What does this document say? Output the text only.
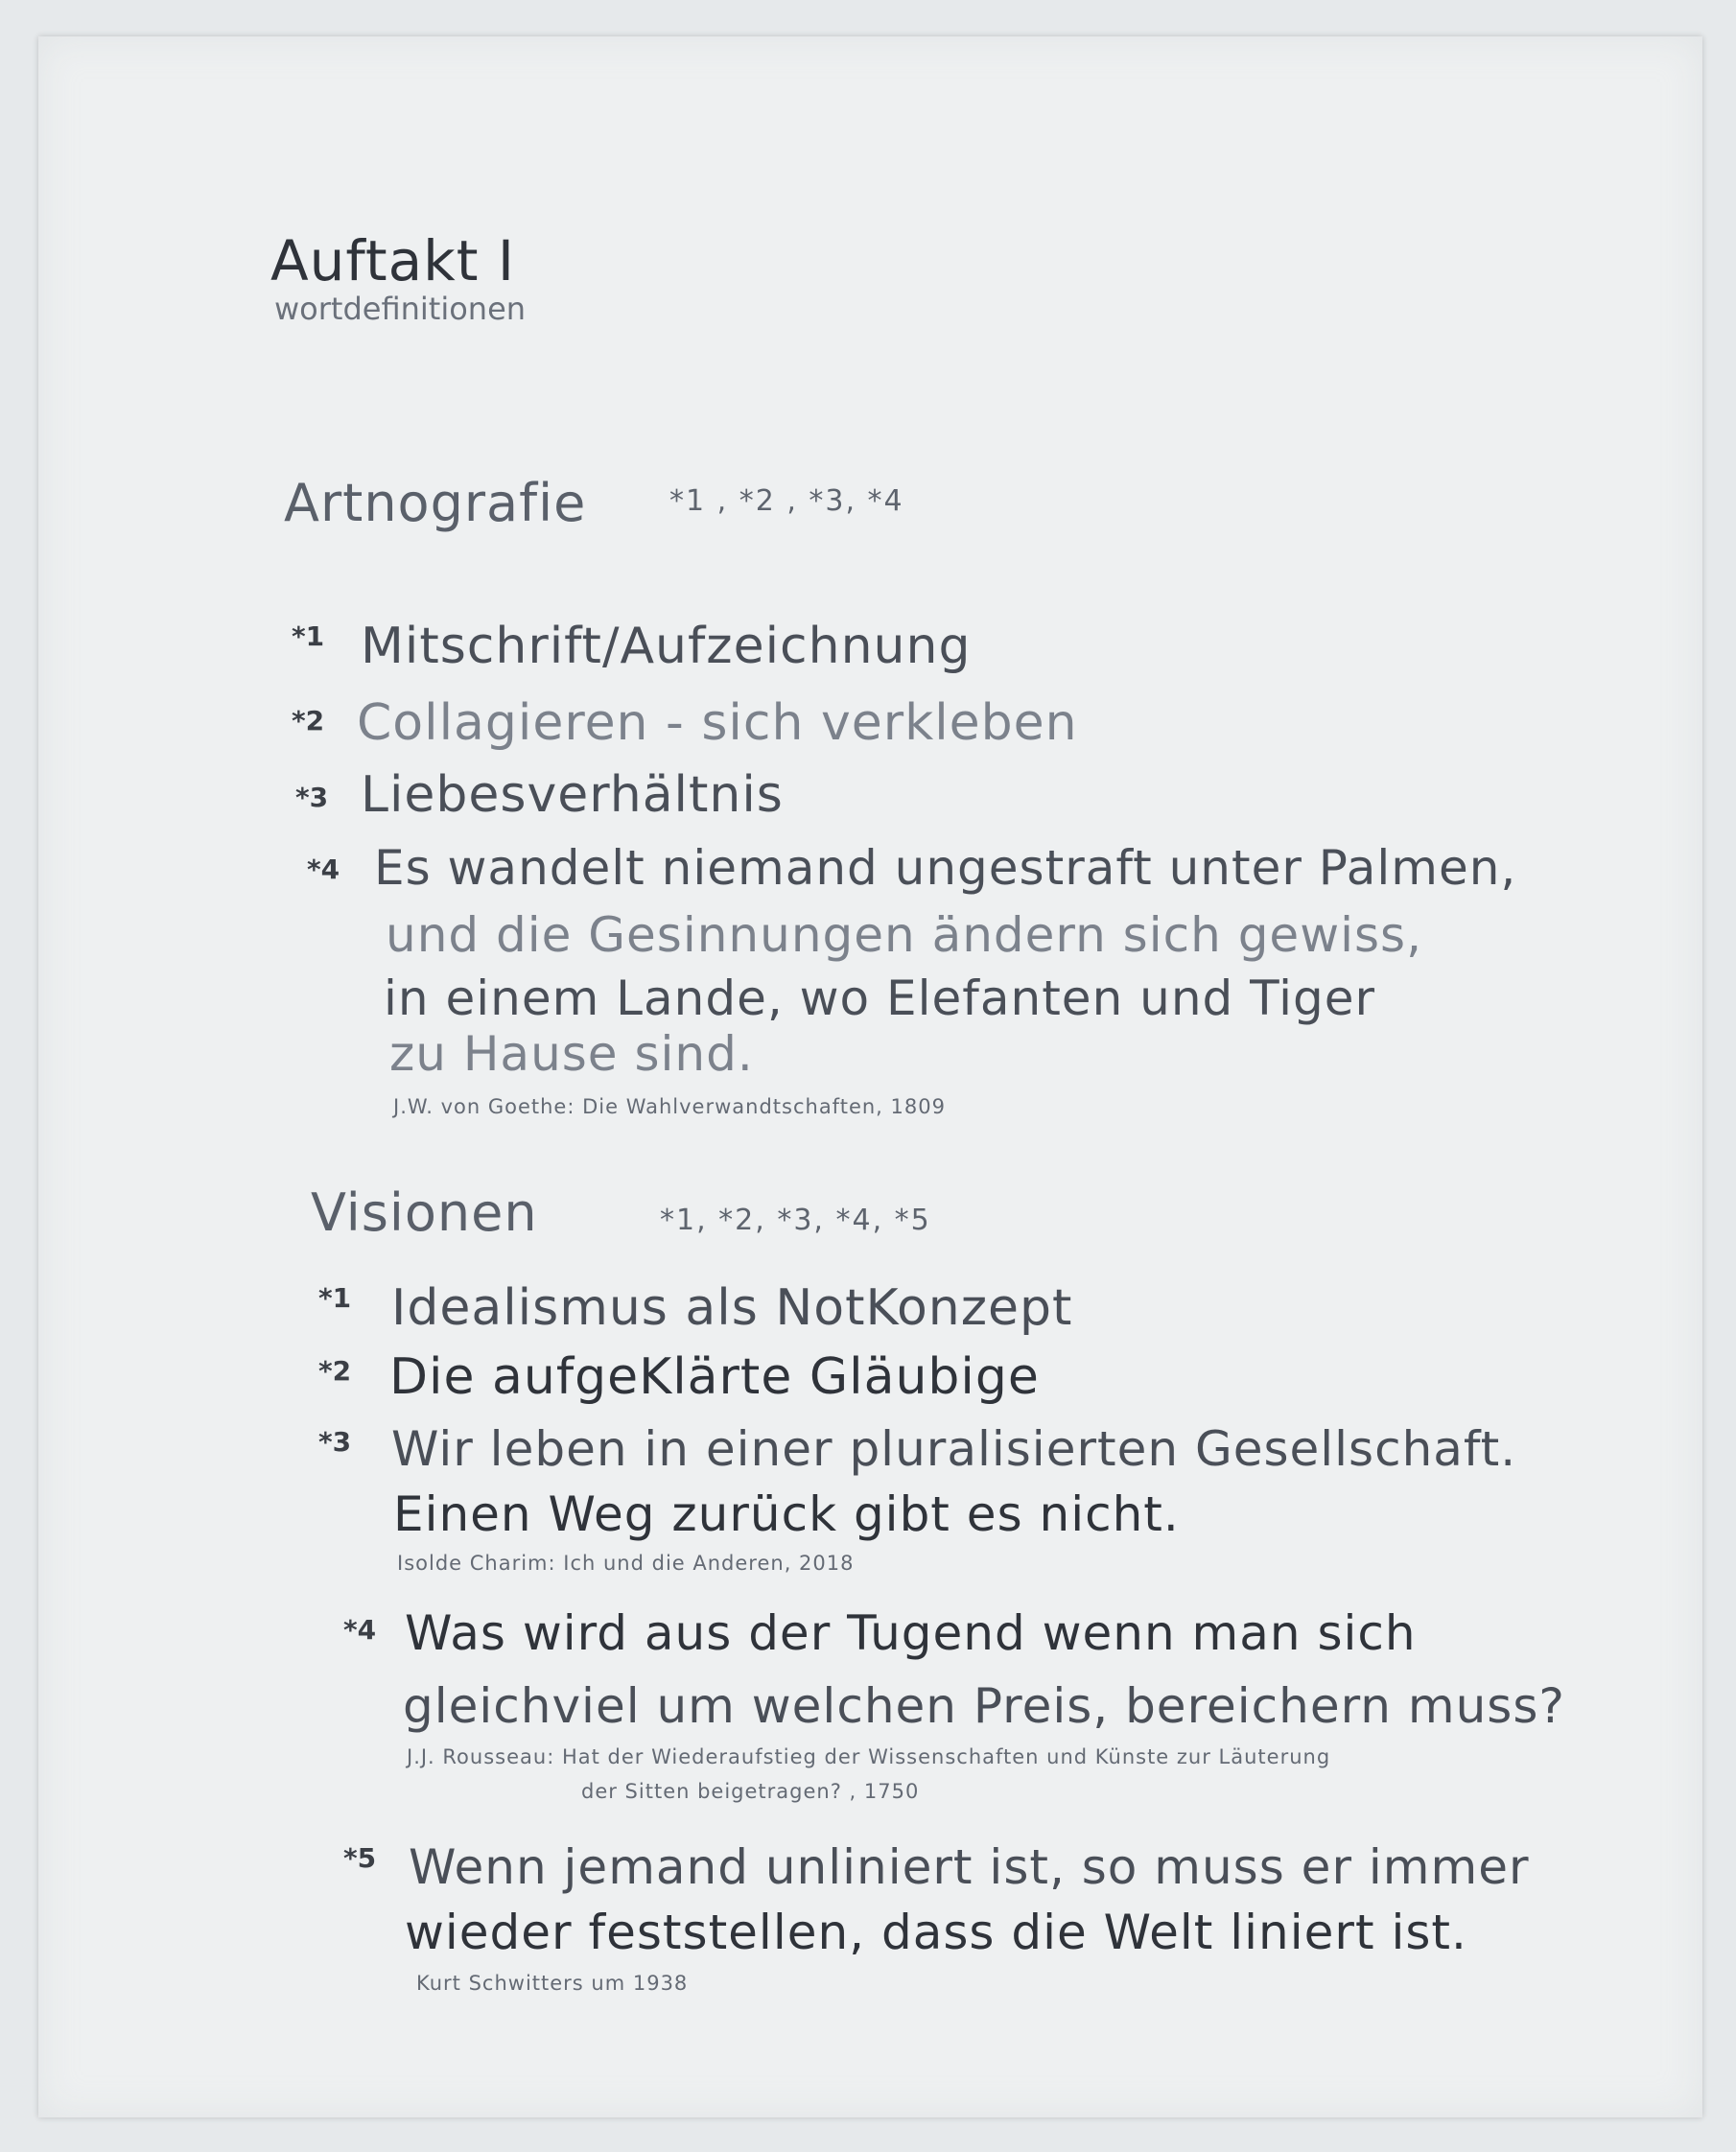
Auftakt I
wortdefinitionen
Artnografie	*1 , *2 , *3, *4
*1 Mitschrift/Aufzeichnung
*2 Collagieren - sich verkleben
*3 Liebesverhältnis
*4 Es wandelt niemand ungestraft unter Palmen,
und die Gesinnungen ändern sich gewiss,
in einem Lande, wo Elefanten und Tiger
zu Hause sind.
J.W. von Goethe: Die Wahlverwandtschaften, 1809
Visionen	*1, *2, *3, *4, *5
*1 Idealismus als NotKonzept
*2 Die aufgeKlärte Gläubige
*3 Wir leben in einer pluralisierten Gesellschaft.
Einen Weg zurück gibt es nicht.
Isolde Charim: Ich und die Anderen, 2018
*4 Was wird aus der Tugend wenn man sich
gleichviel um welchen Preis, bereichern muss?
J.J. Rousseau: Hat der Wiederaufstieg der Wissenschaften und Künste zur Läuterung
der Sitten beigetragen? , 1750
*5 Wenn jemand unliniert ist, so muss er immer
wieder feststellen, dass die Welt liniert ist.
Kurt Schwitters um 1938
